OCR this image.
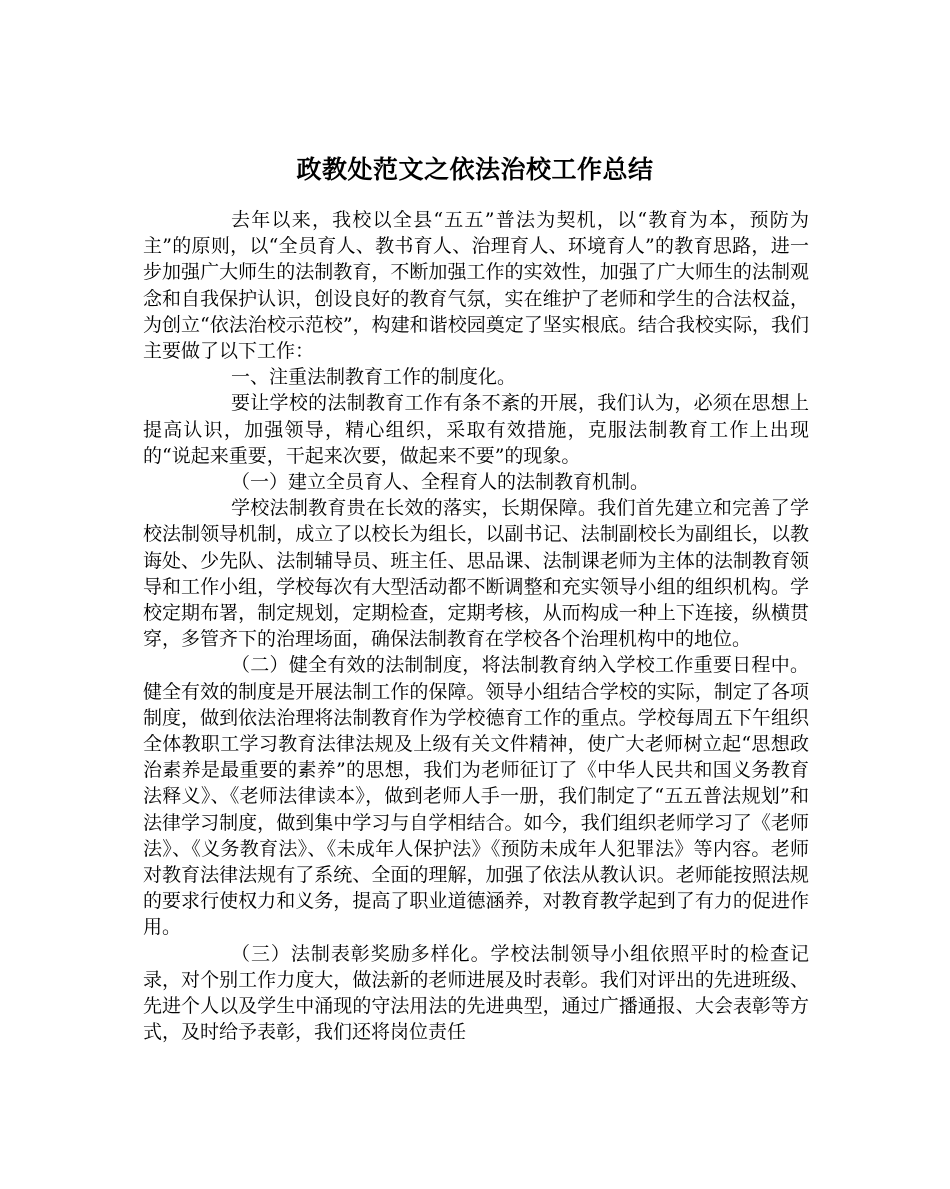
政教处范文之依法治校工作总结

去年以来，我校以全县“五五”普法为契机，以“教育为本，预防为主”的原则，以“全员育人、教书育人、治理育人、环境育人”的教育思路，进一步加强广大师生的法制教育，不断加强工作的实效性，加强了广大师生的法制观念和自我保护认识，创设良好的教育气氛，实在维护了老师和学生的合法权益，为创立“依法治校示范校”，构建和谐校园奠定了坚实根底。结合我校实际，我们主要做了以下工作：

一、注重法制教育工作的制度化。

要让学校的法制教育工作有条不紊的开展，我们认为，必须在思想上提高认识，加强领导，精心组织，采取有效措施，克服法制教育工作上出现的“说起来重要，干起来次要，做起来不要”的现象。

（一）建立全员育人、全程育人的法制教育机制。

学校法制教育贵在长效的落实，长期保障。我们首先建立和完善了学校法制领导机制，成立了以校长为组长，以副书记、法制副校长为副组长，以教诲处、少先队、法制辅导员、班主任、思品课、法制课老师为主体的法制教育领导和工作小组，学校每次有大型活动都不断调整和充实领导小组的组织机构。学校定期布署，制定规划，定期检查，定期考核，从而构成一种上下连接，纵横贯穿，多管齐下的治理场面，确保法制教育在学校各个治理机构中的地位。

（二）健全有效的法制制度，将法制教育纳入学校工作重要日程中。健全有效的制度是开展法制工作的保障。领导小组结合学校的实际，制定了各项制度，做到依法治理将法制教育作为学校德育工作的重点。学校每周五下午组织全体教职工学习教育法律法规及上级有关文件精神，使广大老师树立起“思想政治素养是最重要的素养”的思想，我们为老师征订了《中华人民共和国义务教育法释义》、《老师法律读本》，做到老师人手一册，我们制定了“五五普法规划”和法律学习制度，做到集中学习与自学相结合。如今，我们组织老师学习了《老师法》、《义务教育法》、《未成年人保护法》《预防未成年人犯罪法》等内容。老师对教育法律法规有了系统、全面的理解，加强了依法从教认识。老师能按照法规的要求行使权力和义务，提高了职业道德涵养，对教育教学起到了有力的促进作用。

（三）法制表彰奖励多样化。学校法制领导小组依照平时的检查记录，对个别工作力度大，做法新的老师进展及时表彰。我们对评出的先进班级、先进个人以及学生中涌现的守法用法的先进典型，通过广播通报、大会表彰等方式，及时给予表彰，我们还将岗位责任
